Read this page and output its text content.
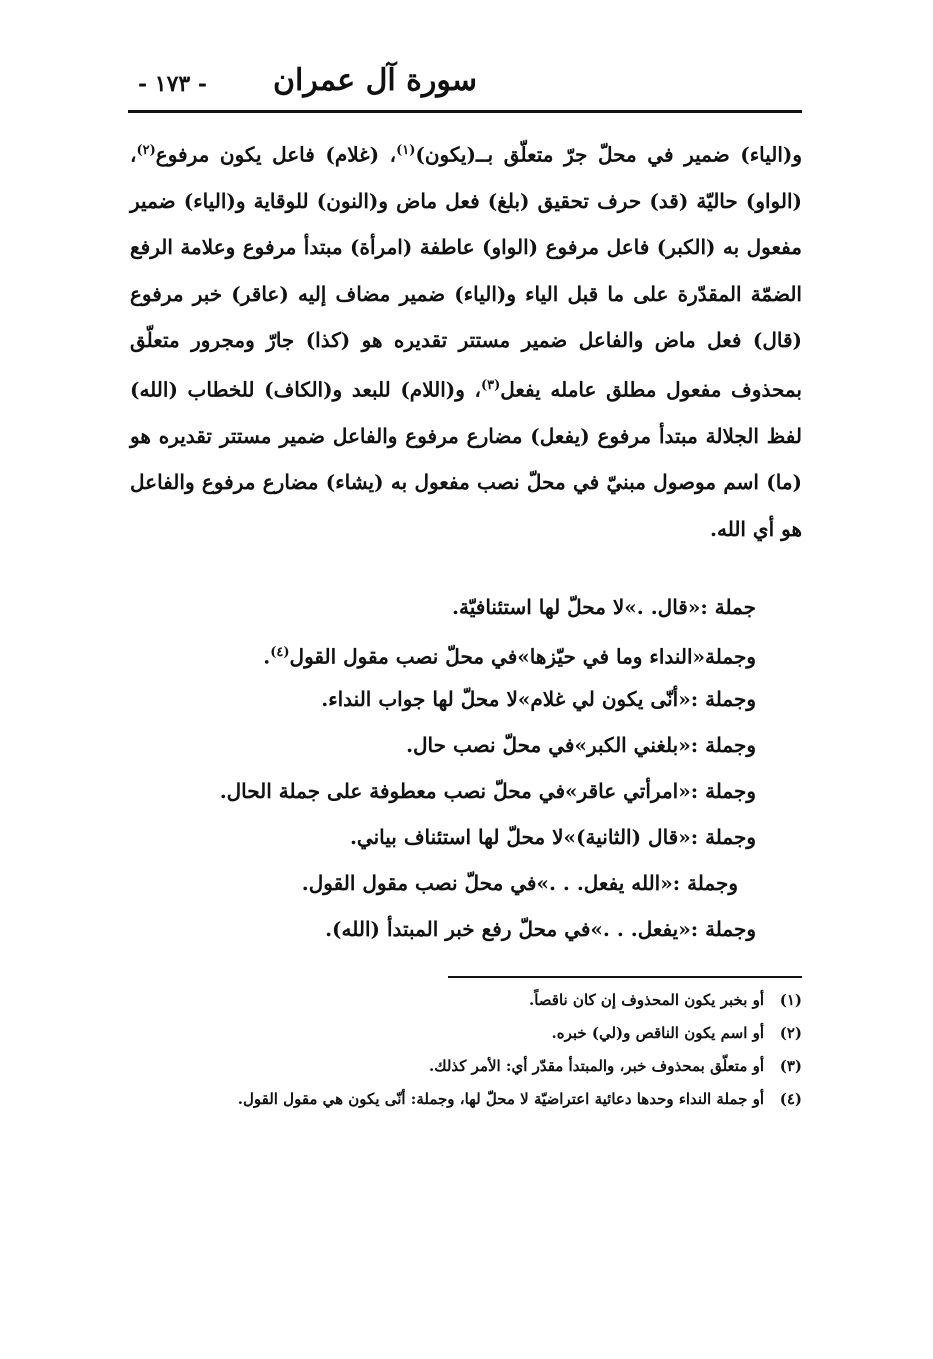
سورة آل عمران
- ١٧٣ -
و(الياء) ضمير في محلّ جرّ متعلّق بــ(يكون)$^{(١)}$، (غلام) فاعل يكون مرفوع$^{(٢)}$، (الواو) حاليّة (قد) حرف تحقيق (بلغ) فعل ماض و(النون) للوقاية و(الياء) ضمير مفعول به (الكبر) فاعل مرفوع (الواو) عاطفة (امرأة) مبتدأ مرفوع وعلامة الرفع الضمّة المقدّرة على ما قبل الياء و(الياء) ضمير مضاف إليه (عاقر) خبر مرفوع (قال) فعل ماض والفاعل ضمير مستتر تقديره هو (كذا) جارّ ومجرور متعلّق بمحذوف مفعول مطلق عامله يفعل$^{(٣)}$، و(اللام) للبعد و(الكاف) للخطاب (الله) لفظ الجلالة مبتدأ مرفوع (يفعل) مضارع مرفوع والفاعل ضمير مستتر تقديره هو (ما) اسم موصول مبنيّ في محلّ نصب مفعول به (يشاء) مضارع مرفوع والفاعل هو أي الله.
جملة :«قال. .»لا محلّ لها استئنافيّة.
وجملة«النداء وما في حيّزها»في محلّ نصب مقول القول$^{(٤)}$.
وجملة :«أنّى يكون لي غلام»لا محلّ لها جواب النداء.
وجملة :«بلغني الكبر»في محلّ نصب حال.
وجملة :«امرأتي عاقر»في محلّ نصب معطوفة على جملة الحال.
وجملة :«قال (الثانية)»لا محلّ لها استئناف بياني.
وجملة :«الله يفعل. . .»في محلّ نصب مقول القول.
وجملة :«يفعل. . .»في محلّ رفع خبر المبتدأ (الله).
(١)
أو بخبر يكون المحذوف إن كان ناقصاً.
(٢)
أو اسم يكون الناقص و(لي) خبره.
(٣)
أو متعلّق بمحذوف خبر، والمبتدأ مقدّر أي: الأمر كذلك.
(٤)
أو جملة النداء وحدها دعائية اعتراضيّة لا محلّ لها، وجملة: أنّى يكون هي مقول القول.
